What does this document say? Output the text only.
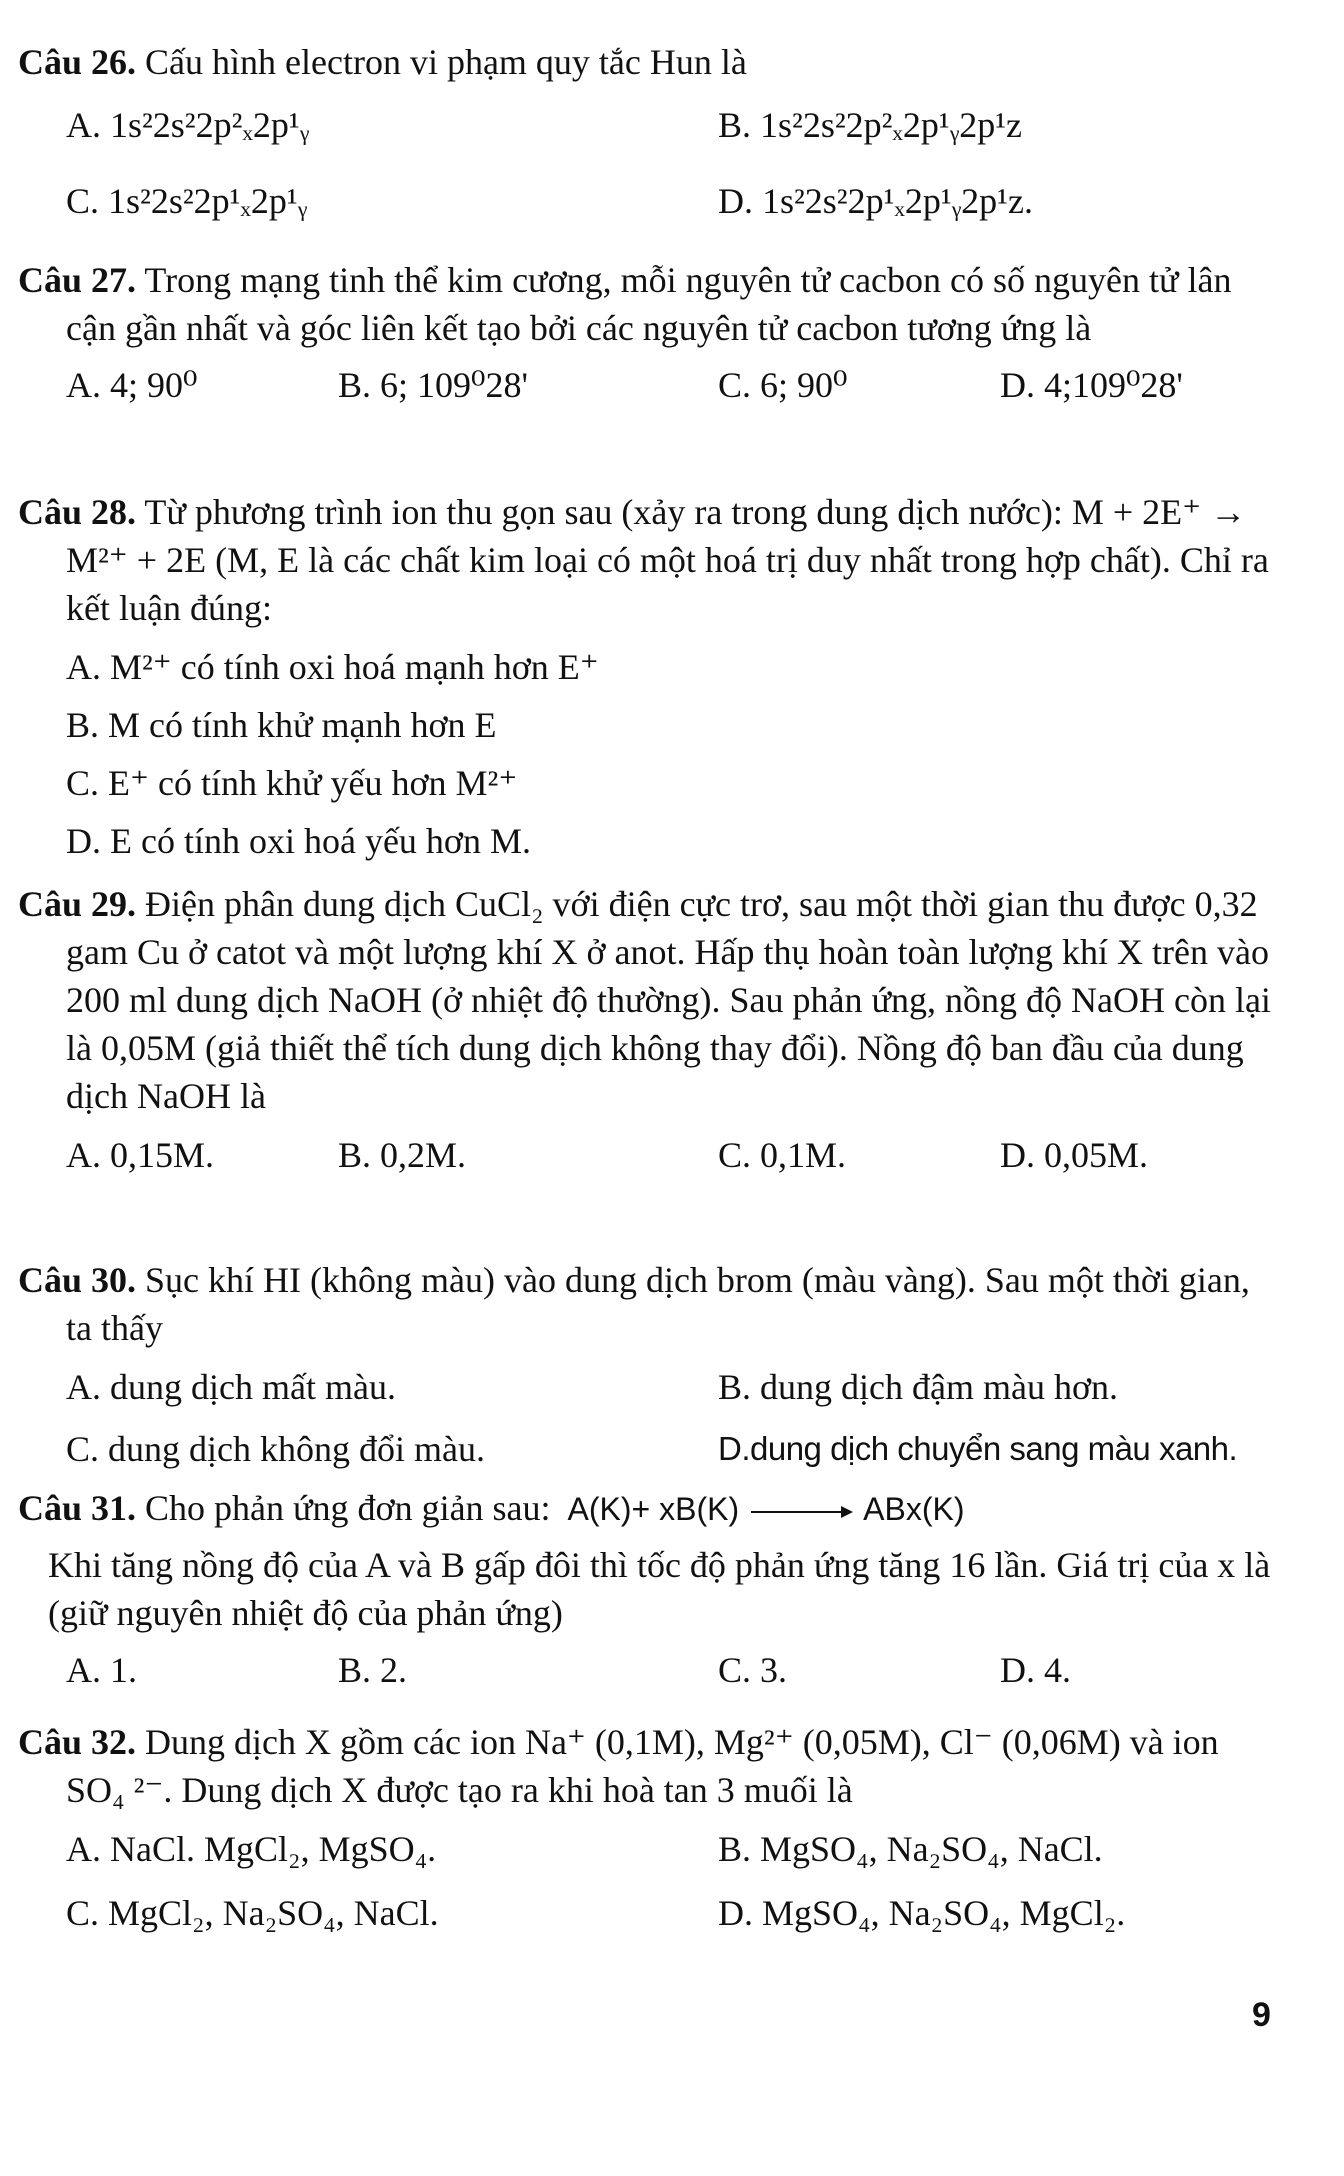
Câu 26. Cấu hình electron vi phạm quy tắc Hun là

A. 1s²2s²2p²ₓ2p¹ᵧ	B. 1s²2s²2p²ₓ2p¹ᵧ2p¹z
C. 1s²2s²2p¹ₓ2p¹ᵧ	D. 1s²2s²2p¹ₓ2p¹ᵧ2p¹z.

Câu 27. Trong mạng tinh thể kim cương, mỗi nguyên tử cacbon có số nguyên tử lân cận gần nhất và góc liên kết tạo bởi các nguyên tử cacbon tương ứng là

A. 4; 90⁰	B. 6; 109⁰28'	C. 6; 90⁰	D. 4;109⁰28'

Câu 28. Từ phương trình ion thu gọn sau (xảy ra trong dung dịch nước): M + 2E⁺ → M²⁺ + 2E (M, E là các chất kim loại có một hoá trị duy nhất trong hợp chất). Chỉ ra kết luận đúng:

A. M²⁺ có tính oxi hoá mạnh hơn E⁺
B. M có tính khử mạnh hơn E
C. E⁺ có tính khử yếu hơn M²⁺
D. E có tính oxi hoá yếu hơn M.

Câu 29. Điện phân dung dịch CuCl₂ với điện cực trơ, sau một thời gian thu được 0,32 gam Cu ở catot và một lượng khí X ở anot. Hấp thụ hoàn toàn lượng khí X trên vào 200 ml dung dịch NaOH (ở nhiệt độ thường). Sau phản ứng, nồng độ NaOH còn lại là 0,05M (giả thiết thể tích dung dịch không thay đổi). Nồng độ ban đầu của dung dịch NaOH là

A. 0,15M.	B. 0,2M.	C. 0,1M.	D. 0,05M.

Câu 30. Sục khí HI (không màu) vào dung dịch brom (màu vàng). Sau một thời gian, ta thấy

A. dung dịch mất màu.	B. dung dịch đậm màu hơn.
C. dung dịch không đổi màu.	D.dung dịch chuyển sang màu xanh.

Câu 31. Cho phản ứng đơn giản sau: A(K)+ xB(K) → ABx(K)

Khi tăng nồng độ của A và B gấp đôi thì tốc độ phản ứng tăng 16 lần. Giá trị của x là (giữ nguyên nhiệt độ của phản ứng)

A. 1.	B. 2.	C. 3.	D. 4.

Câu 32. Dung dịch X gồm các ion Na⁺ (0,1M), Mg²⁺ (0,05M), Cl⁻ (0,06M) và ion SO₄ ²⁻. Dung dịch X được tạo ra khi hoà tan 3 muối là

A. NaCl. MgCl₂, MgSO₄.	B. MgSO₄, Na₂SO₄, NaCl.
C. MgCl₂, Na₂SO₄, NaCl.	D. MgSO₄, Na₂SO₄, MgCl₂.
9
